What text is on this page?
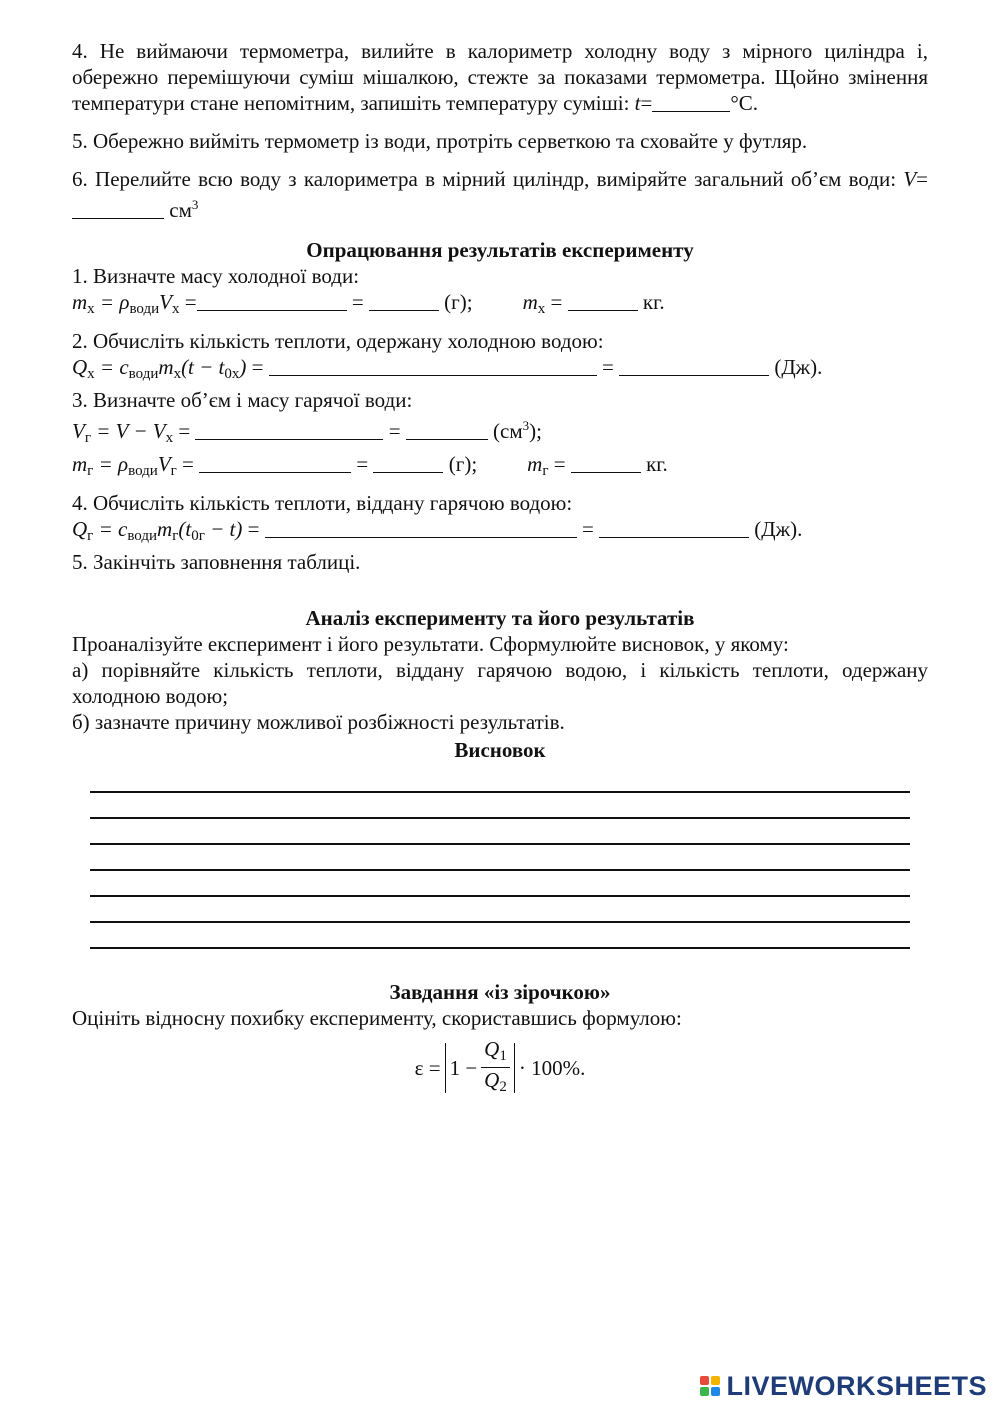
4. Не виймаючи термометра, вилийте в калориметр холодну воду з мірного циліндра і, обережно перемішуючи суміш мішалкою, стежте за показами термометра. Щойно змінення температури стане непомітним, запишіть температуру суміші: t=	°С.

5. Обережно вийміть термометр із води, протріть серветкою та сховайте у футляр.

6. Перелийте всю воду з калориметра в мірний циліндр, виміряйте загальний об’єм води: $V= см^3$

Опрацювання результатів експерименту

1. Визначте масу холодної води:

$m_х = \rho_{води}V_х$ =	=	(г); $m_х$ =	кг.

2. Обчисліть кількість теплоти, одержану холодною водою:

$Q_х = c_{води}m_х(t - t_{0х})$ =	=	(Дж).

3. Визначте об’єм і масу гарячої води:

$V_г = V - V_х$ =	=	$(см^3)$;

$m_г = \rho_{води}V_г$ =	=	(г); $m_г$ =	кг.

4. Обчисліть кількість теплоти, віддану гарячою водою:

$Q_г = c_{води}m_г(t_{0г} - t)$ =	=	(Дж).

5. Закінчіть заповнення таблиці.

Аналіз експерименту та його результатів

Проаналізуйте експеримент і його результати. Сформулюйте висновок, у якому:

а) порівняйте кількість теплоти, віддану гарячою водою, і кількість теплоти, одержану холодною водою;

б) зазначте причину можливої розбіжності результатів.

Висновок

Завдання «із зірочкою»

Оцініть відносну похибку експерименту, скориставшись формулою:

$\varepsilon = 1 - \frac{Q_1}{Q_2} \cdot 100\%$.
LIVEWORKSHEETS
